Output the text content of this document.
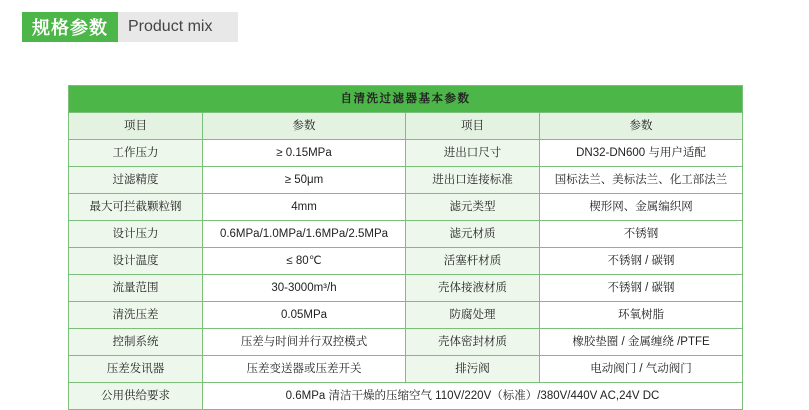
规格参数	Product mix
自清洗过滤器基本参数			
项目	参数	项目	参数
工作压力	≥ 0.15MPa	进出口尺寸	DN32-DN600 与用户适配
过滤精度	≥ 50μm	进出口连接标准	国标法兰、美标法兰、化工部法兰
最大可拦截颗粒钢	4mm	滤元类型	楔形网、金属编织网
设计压力	0.6MPa/1.0MPa/1.6MPa/2.5MPa	滤元材质	不锈钢
设计温度	≤ 80℃	活塞杆材质	不锈钢 / 碳钢
流量范围	30-3000m³/h	壳体接液材质	不锈钢 / 碳钢
清洗压差	0.05MPa	防腐处理	环氧树脂
控制系统	压差与时间并行双控模式	壳体密封材质	橡胶垫圈 / 金属缠绕 /PTFE
压差发讯器	压差变送器或压差开关	排污阀	电动阀门 / 气动阀门
公用供给要求	0.6MPa 清洁干燥的压缩空气 110V/220V（标准）/380V/440V AC,24V DC		
